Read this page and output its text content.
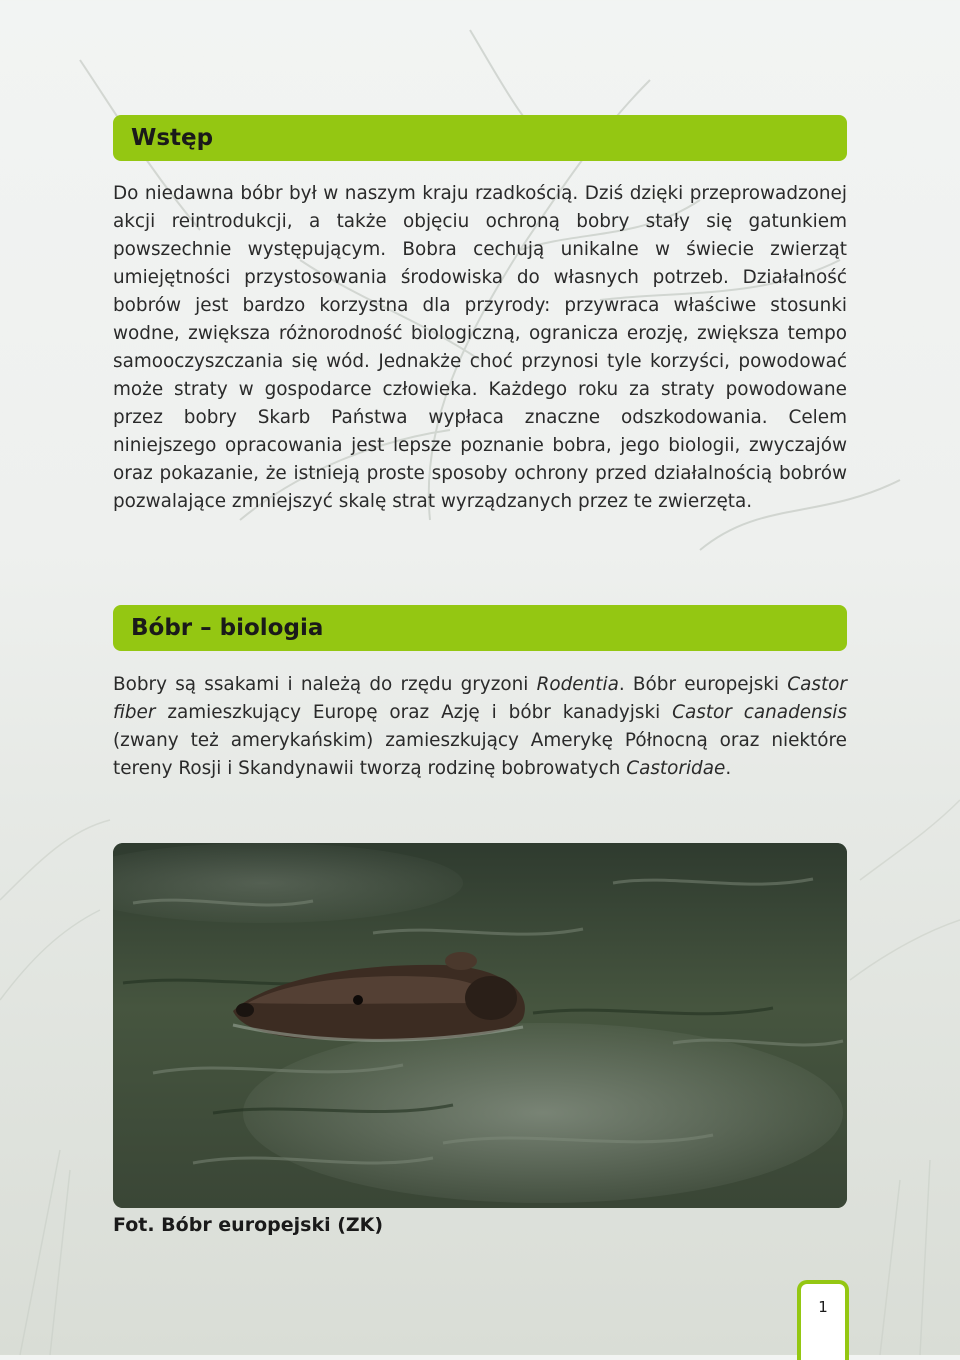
Wstęp

Do niedawna bóbr był w naszym kraju rzadkością. Dziś dzięki przeprowadzonej akcji reintrodukcji, a także objęciu ochroną bobry stały się gatunkiem powszechnie występującym. Bobra cechują unikalne w świecie zwierząt umiejętności przystosowania środowiska do własnych potrzeb. Działalność bobrów jest bardzo korzystna dla przyrody: przywraca właściwe stosunki wodne, zwiększa różnorodność biologiczną, ogranicza erozję, zwiększa tempo samooczyszczania się wód. Jednakże choć przynosi tyle korzyści, powodować może straty w gospodarce człowieka. Każdego roku za straty powodowane przez bobry Skarb Państwa wypłaca znaczne odszkodowania. Celem niniejszego opracowania jest lepsze poznanie bobra, jego biologii, zwyczajów oraz pokazanie, że istnieją proste sposoby ochrony przed działalnością bobrów pozwalające zmniejszyć skalę strat wyrządzanych przez te zwierzęta.

Bóbr – biologia

Bobry są ssakami i należą do rzędu gryzoni Rodentia. Bóbr europejski Castor fiber zamieszkujący Europę oraz Azję i bóbr kanadyjski Castor canadensis (zwany też amerykańskim) zamieszkujący Amerykę Północną oraz niektóre tereny Rosji i Skandynawii tworzą rodzinę bobrowatych Castoridae.

Fot. Bóbr europejski (ZK)

1
